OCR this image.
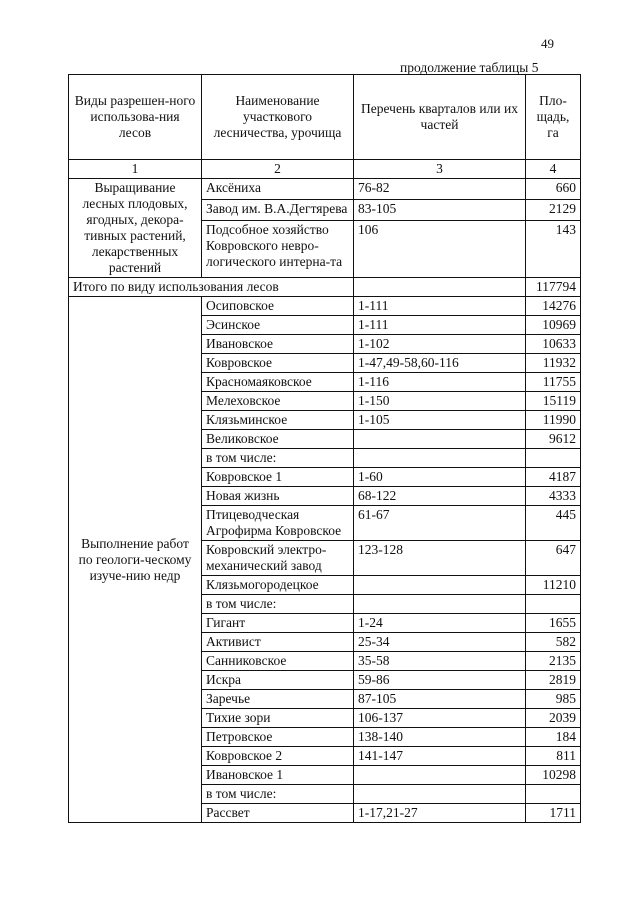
49
продолжение таблицы 5
Виды разрешен-ного использова-ния лесов	Наименование участкового лесничества, урочища	Перечень кварталов или их частей	Пло-щадь, га
1	2	3	4
Выращивание лесных плодовых, ягодных, декора-тивных растений, лекарственных растений	Аксёниха	76-82	660
	Завод им. В.А.Дегтярева	83-105	2129
	Подсобное хозяйство Ковровского невро-логического интерна-та	106	143
Итого по виду использования лесов			117794
Выполнение работ по геологи-ческому изуче-нию недр	Осиповское	1-111	14276
	Эсинское	1-111	10969
	Ивановское	1-102	10633
	Ковровское	1-47,49-58,60-116	11932
	Красномаяковское	1-116	11755
	Мелеховское	1-150	15119
	Клязьминское	1-105	11990
	Великовское		9612
	в том числе:		
	Ковровское 1	1-60	4187
	Новая жизнь	68-122	4333
	Птицеводческая Агрофирма Ковровское	61-67	445
	Ковровский электро-механический завод	123-128	647
	Клязьмогородецкое		11210
	в том числе:		
	Гигант	1-24	1655
	Активист	25-34	582
	Санниковское	35-58	2135
	Искра	59-86	2819
	Заречье	87-105	985
	Тихие зори	106-137	2039
	Петровское	138-140	184
	Ковровское 2	141-147	811
	Ивановское 1		10298
	в том числе:		
	Рассвет	1-17,21-27	1711
